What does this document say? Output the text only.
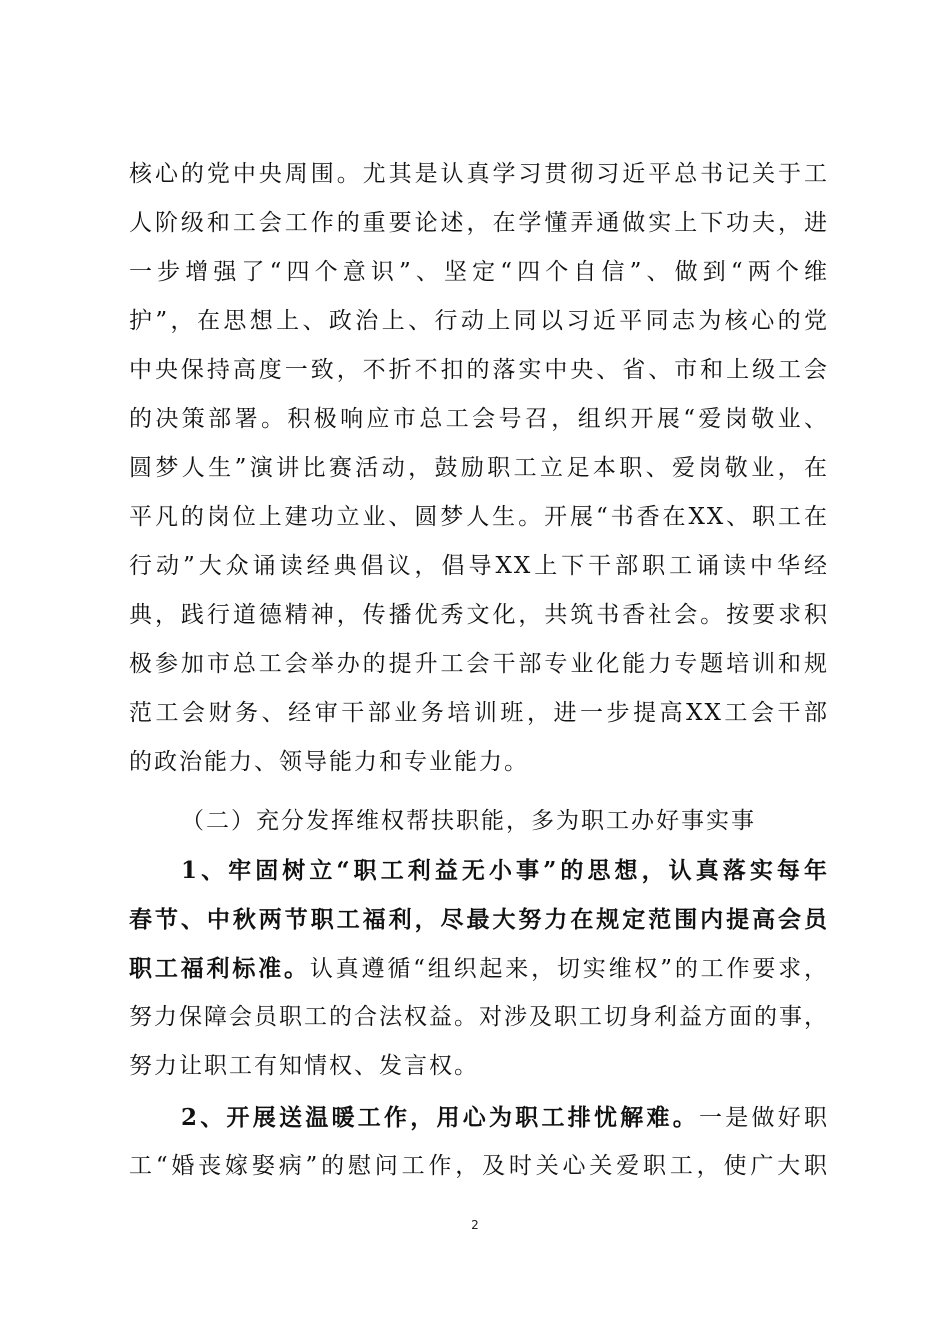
核心的党中央周围。尤其是认真学习贯彻习近平总书记关于工
人阶级和工会工作的重要论述，在学懂弄通做实上下功夫，进
一步增强了“四个意识”、坚定“四个自信”、做到“两个维
护”，在思想上、政治上、行动上同以习近平同志为核心的党
中央保持高度一致，不折不扣的落实中央、省、市和上级工会
的决策部署。积极响应市总工会号召，组织开展“爱岗敬业、
圆梦人生”演讲比赛活动，鼓励职工立足本职、爱岗敬业，在
平凡的岗位上建功立业、圆梦人生。开展“书香在XX、职工在
行动”大众诵读经典倡议，倡导XX上下干部职工诵读中华经
典，践行道德精神，传播优秀文化，共筑书香社会。按要求积
极参加市总工会举办的提升工会干部专业化能力专题培训和规
范工会财务、经审干部业务培训班，进一步提高XX工会干部
的政治能力、领导能力和专业能力。
（二）充分发挥维权帮扶职能，多为职工办好事实事
1、牢固树立“职工利益无小事”的思想，认真落实每年
春节、中秋两节职工福利，尽最大努力在规定范围内提高会员
职工福利标准。认真遵循“组织起来，切实维权”的工作要求，
努力保障会员职工的合法权益。对涉及职工切身利益方面的事，
努力让职工有知情权、发言权。
2、开展送温暖工作，用心为职工排忧解难。一是做好职
工“婚丧嫁娶病”的慰问工作，及时关心关爱职工，使广大职
2
